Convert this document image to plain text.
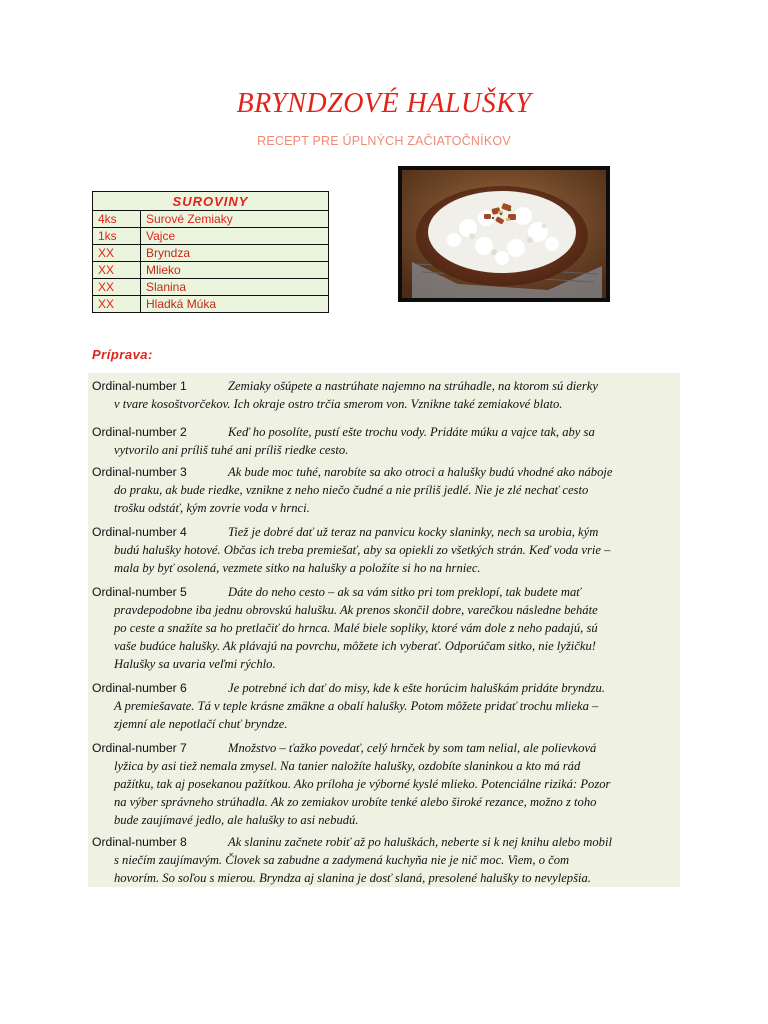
BRYNDZOVÉ HALUŠKY
RECEPT PRE ÚPLNÝCH ZAČIATOČNÍKOV
SUROVINY	
4ks	Surové Zemiaky
1ks	Vajce
XX	Bryndza
XX	Mlieko
XX	Slanina
XX	Hladká Múka
Príprava:
Ordinal-number 1	Zemiaky ošúpete a nastrúhate najemno na strúhadle, na ktorom sú dierky
v tvare kosoštvorčekov. Ich okraje ostro trčia smerom von. Vznikne také zemiakové blato.
Ordinal-number 2	Keď ho posolíte, pustí ešte trochu vody. Pridáte múku a vajce tak, aby sa
vytvorilo ani príliš tuhé ani príliš riedke cesto.
Ordinal-number 3	Ak bude moc tuhé, narobíte sa ako otroci a halušky budú vhodné ako náboje
do praku, ak bude riedke, vznikne z neho niečo čudné a nie príliš jedlé. Nie je zlé nechať cesto
trošku odstáť, kým zovrie voda v hrnci.
Ordinal-number 4	Tiež je dobré dať už teraz na panvicu kocky slaninky, nech sa urobia, kým
budú halušky hotové. Občas ich treba premiešať, aby sa opiekli zo všetkých strán. Keď voda vrie –
mala by byť osolená, vezmete sitko na halušky a položíte si ho na hrniec.
Ordinal-number 5	Dáte do neho cesto – ak sa vám sitko pri tom preklopí, tak budete mať
pravdepodobne iba jednu obrovskú halušku. Ak prenos skončil dobre, varečkou následne beháte
po ceste a snažíte sa ho pretlačiť do hrnca. Malé biele sopliky, ktoré vám dole z neho padajú, sú
vaše budúce halušky. Ak plávajú na povrchu, môžete ich vyberať. Odporúčam sitko, nie lyžičku!
Halušky sa uvaria veľmi rýchlo.
Ordinal-number 6	Je potrebné ich dať do misy, kde k ešte horúcim haluškám pridáte bryndzu.
A premiešavate. Tá v teple krásne zmäkne a obalí halušky. Potom môžete pridať trochu mlieka –
zjemní ale nepotlačí chuť bryndze.
Ordinal-number 7	Množstvo – ťažko povedať, celý hrnček by som tam nelial, ale polievková
lyžica by asi tiež nemala zmysel. Na tanier naložíte halušky, ozdobíte slaninkou a kto má rád
pažítku, tak aj posekanou pažítkou. Ako príloha je výborné kyslé mlieko. Potenciálne riziká: Pozor
na výber správneho strúhadla. Ak zo zemiakov urobíte tenké alebo široké rezance, možno z toho
bude zaujímavé jedlo, ale halušky to asi nebudú.
Ordinal-number 8	Ak slaninu začnete robiť až po haluškách, neberte si k nej knihu alebo mobil
s niečím zaujímavým. Človek sa zabudne a zadymená kuchyňa nie je nič moc. Viem, o čom
hovorím. So soľou s mierou. Bryndza aj slanina je dosť slaná, presolené halušky to nevylepšia.
